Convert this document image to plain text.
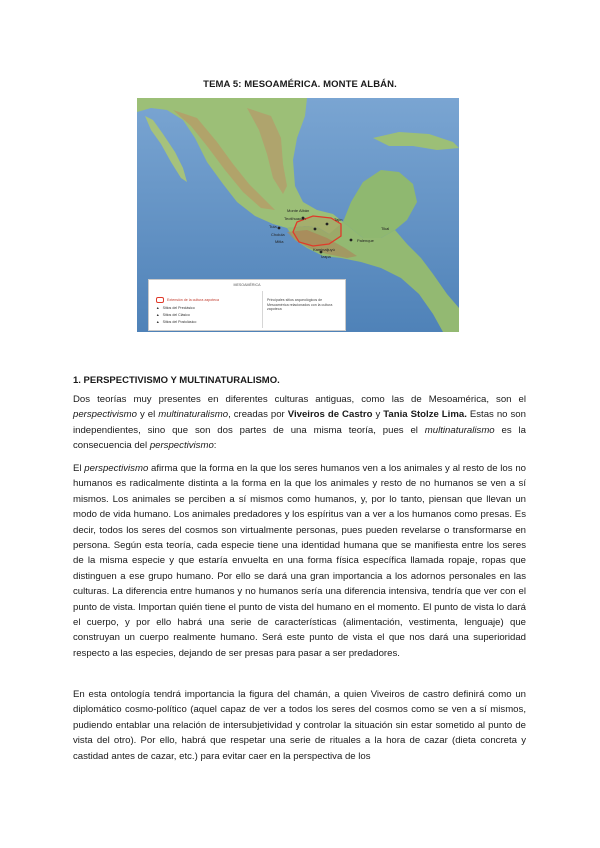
TEMA 5: MESOAMÉRICA. MONTE ALBÁN.
Monte Albán
Teotihuacán	Tajín
Tula
Cholula
Mitla	Palenque
Tikal
Kaminaljuyú
Izapa
MESOAMÉRICA
Extensión de la cultura zapoteca
▲ Sitios del Preclásico
▲ Sitios del Clásico
▲ Sitios del Postclásico
Principales sitios arqueológicos de Mesoamérica relacionados con la cultura zapoteca
1. PERSPECTIVISMO Y MULTINATURALISMO.

Dos teorías muy presentes en diferentes culturas antiguas, como las de Mesoamérica, son el perspectivismo y el multinaturalismo, creadas por Viveiros de Castro y Tania Stolze Lima. Estas no son independientes, sino que son dos partes de una misma teoría, pues el multinaturalismo es la consecuencia del perspectivismo:

El perspectivismo afirma que la forma en la que los seres humanos ven a los animales y al resto de los no humanos es radicalmente distinta a la forma en la que los animales y resto de no humanos se ven a sí mismos. Los animales se perciben a sí mismos como humanos, y, por lo tanto, piensan que llevan un modo de vida humano. Los animales predadores y los espíritus van a ver a los humanos como presas. Es decir, todos los seres del cosmos son virtualmente personas, pues pueden revelarse o transformarse en persona. Según esta teoría, cada especie tiene una identidad humana que se manifiesta entre los seres de la misma especie y que estaría envuelta en una forma física específica llamada ropaje, ropas que distinguen a ese grupo humano. Por ello se dará una gran importancia a los adornos personales en las culturas. La diferencia entre humanos y no humanos sería una diferencia intensiva, tendría que ver con el punto de vista. Importan quién tiene el punto de vista del humano en el momento. El punto de vista lo dará el cuerpo, y por ello habrá una serie de características (alimentación, vestimenta, lenguaje) que construyan un cuerpo realmente humano. Será este punto de vista el que nos dará una superioridad respecto a las especies, dejando de ser presas para pasar a ser predadores.

En esta ontología tendrá importancia la figura del chamán, a quien Viveiros de castro definirá como un diplomático cosmo-político (aquel capaz de ver a todos los seres del cosmos como se ven a sí mismos, pudiendo entablar una relación de intersubjetividad y controlar la situación sin estar sometido al punto de vista del otro). Por ello, habrá que respetar una serie de rituales a la hora de cazar (dieta concreta y castidad antes de cazar, etc.) para evitar caer en la perspectiva de los
